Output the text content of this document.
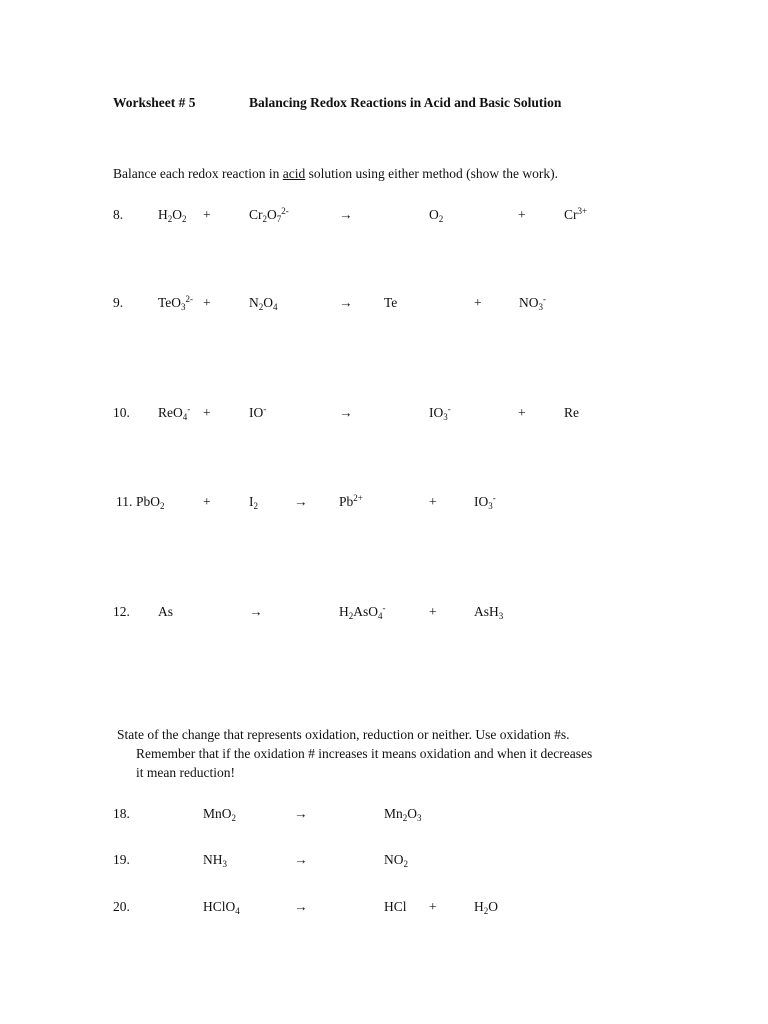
Worksheet # 5	Balancing Redox Reactions in Acid and Basic Solution
Balance each redox reaction in acid solution using either method (show the work).
8.	$H_2O_2$ +	$Cr_2O_7^{2-}$	→	$O_2$	+	$Cr^{3+}$
9.	TeO$_3^{2-}$ +	$N_2O_4$	→ Te	+	$NO_3^-$
10. ReO$_4$- +	IO-	→	$IO_3^-$	+	Re
11. PbO$_2$	+	$I_2$	→ $Pb^{2+}$	+	$IO_3^-$
12. As	→	$H_2AsO_4^-$	+	AsH$_3$
State of the change that represents oxidation, reduction or neither. Use oxidation #s.
Remember that if the oxidation # increases it means oxidation and when it decreases
it mean reduction!
18.	MnO$_2$	→	$Mn_2O_3$
19.	$NH_3$	→	$NO_2$
20.	HClO$_4$	→	HCl +	$H_2O$
